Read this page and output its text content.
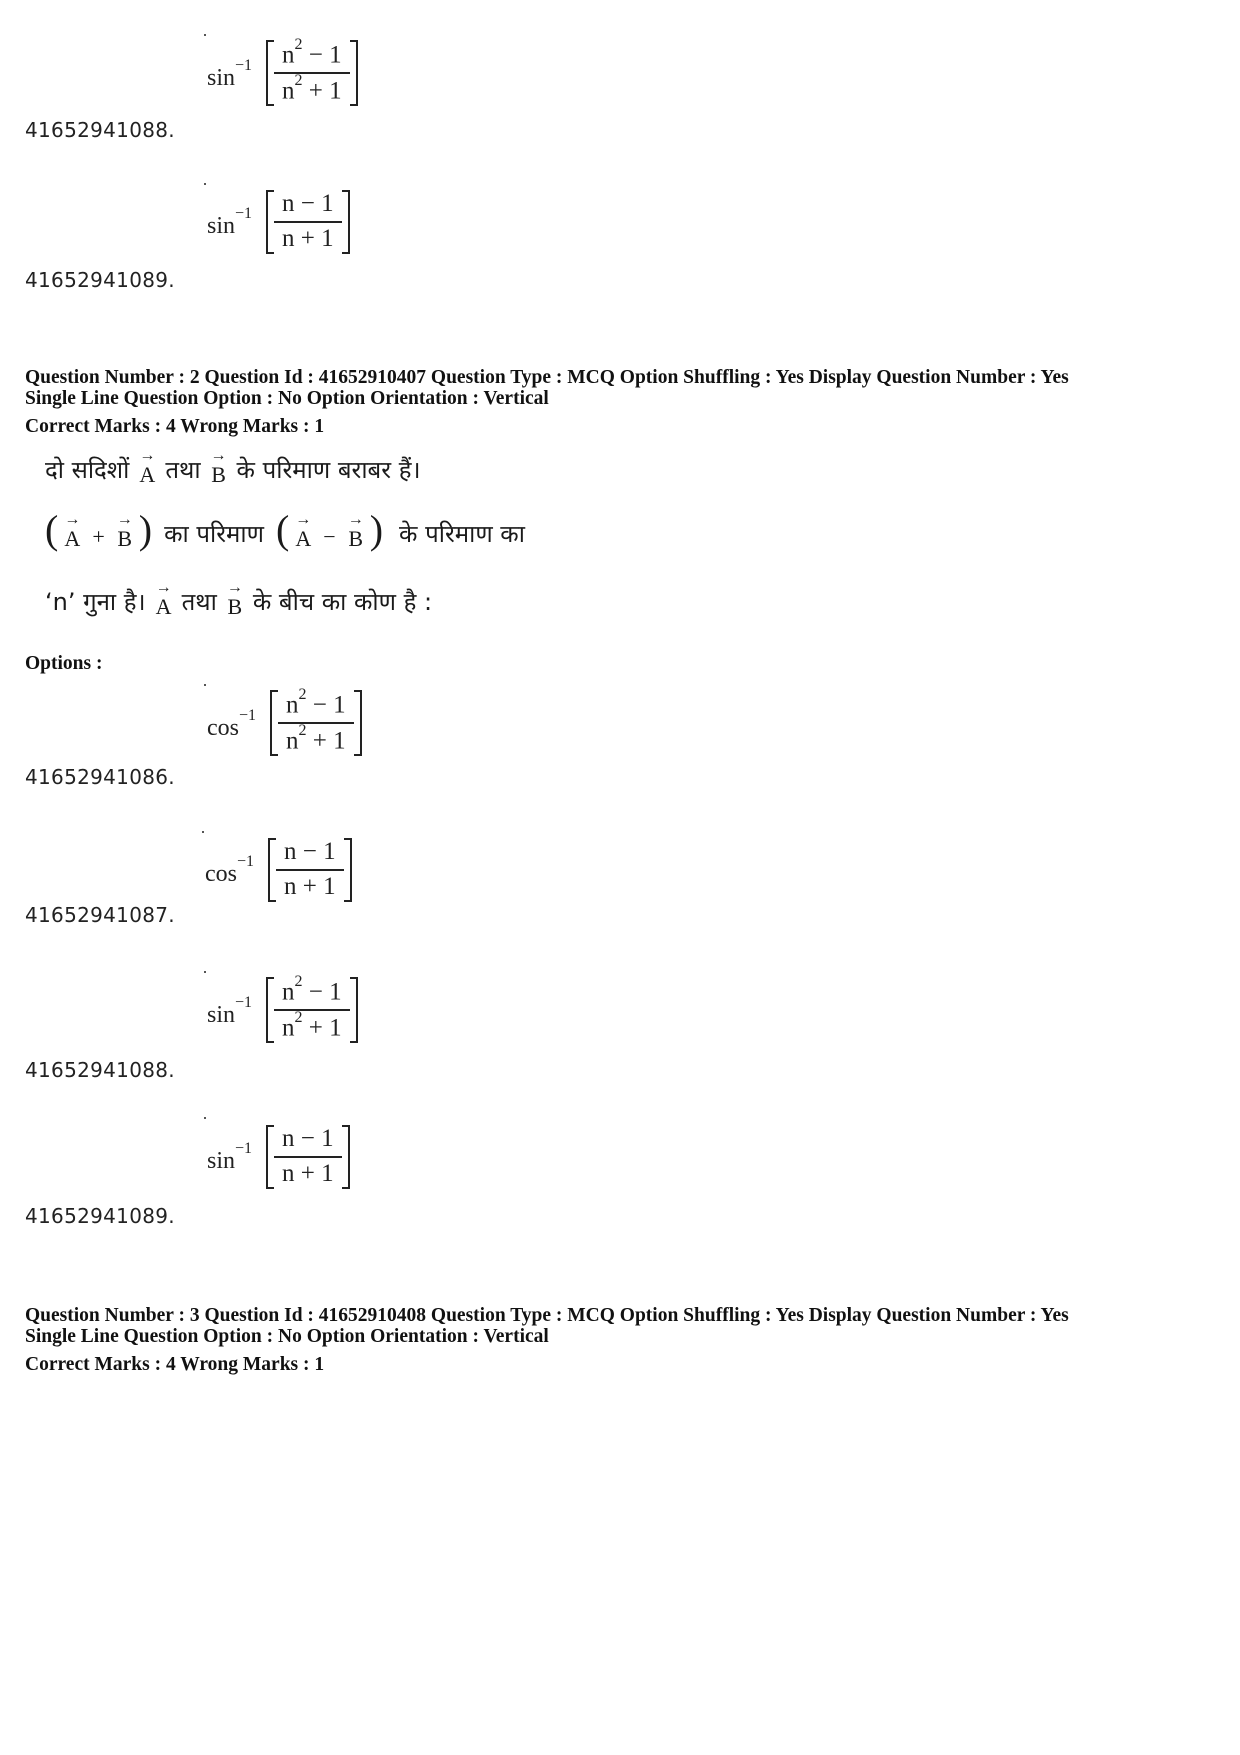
$\sin^{-1} \frac{n^2 - 1}{n^2 + 1}$
41652941088.
$\sin^{-1} \frac{n - 1}{n + 1}$
41652941089.
Question Number : 2 Question Id : 41652910407 Question Type : MCQ Option Shuffling : Yes Display Question Number : Yes
Single Line Question Option : No Option Orientation : Vertical
Correct Marks : 4 Wrong Marks : 1
दो सदिशों
→
A तथा
→
B के परिमाण बराबर हैं।
( →
A +
→
B ) का परिमाण ( →
A −
→
B ) के परिमाण का
‘n’ गुना है।
→
A तथा
→
B के बीच का कोण है :
Options :
$\cos^{-1} \frac{n^2 - 1}{n^2 + 1}$
41652941086.
$\cos^{-1} \frac{n - 1}{n + 1}$
41652941087.
$\sin^{-1} \frac{n^2 - 1}{n^2 + 1}$
41652941088.
$\sin^{-1} \frac{n - 1}{n + 1}$
41652941089.
Question Number : 3 Question Id : 41652910408 Question Type : MCQ Option Shuffling : Yes Display Question Number : Yes
Single Line Question Option : No Option Orientation : Vertical
Correct Marks : 4 Wrong Marks : 1
